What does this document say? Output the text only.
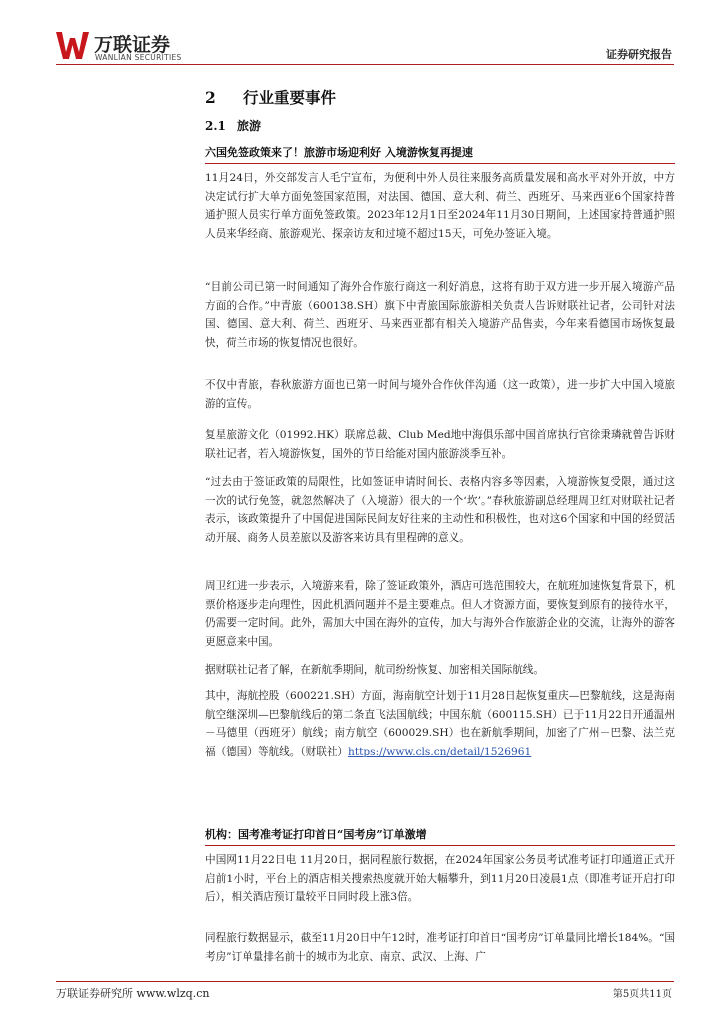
万联证券
WANLIAN SECURITIES	证券研究报告
2 行业重要事件
2.1 旅游
六国免签政策来了！旅游市场迎利好 入境游恢复再提速

11月24日，外交部发言人毛宁宣布，为便利中外人员往来服务高质量发展和高水平对外开放，中方决定试行扩大单方面免签国家范围，对法国、德国、意大利、荷兰、西班牙、马来西亚6个国家持普通护照人员实行单方面免签政策。2023年12月1日至2024年11月30日期间，上述国家持普通护照人员来华经商、旅游观光、探亲访友和过境不超过15天，可免办签证入境。

“目前公司已第一时间通知了海外合作旅行商这一利好消息，这将有助于双方进一步开展入境游产品方面的合作。”中青旅（600138.SH）旗下中青旅国际旅游相关负责人告诉财联社记者，公司针对法国、德国、意大利、荷兰、西班牙、马来西亚都有相关入境游产品售卖，今年来看德国市场恢复最快，荷兰市场的恢复情况也很好。

不仅中青旅，春秋旅游方面也已第一时间与境外合作伙伴沟通（这一政策），进一步扩大中国入境旅游的宣传。

复星旅游文化（01992.HK）联席总裁、Club Med地中海俱乐部中国首席执行官徐秉璘就曾告诉财联社记者，若入境游恢复，国外的节日给能对国内旅游淡季互补。

“过去由于签证政策的局限性，比如签证申请时间长、表格内容多等因素，入境游恢复受限，通过这一次的试行免签，就忽然解决了（入境游）很大的一个‘坎’。”春秋旅游副总经理周卫红对财联社记者表示，该政策提升了中国促进国际民间友好往来的主动性和积极性，也对这6个国家和中国的经贸活动开展、商务人员差旅以及游客来访具有里程碑的意义。

周卫红进一步表示，入境游来看，除了签证政策外，酒店可选范围较大，在航班加速恢复背景下，机票价格逐步走向理性，因此机酒问题并不是主要难点。但人才资源方面，要恢复到原有的接待水平，仍需要一定时间。此外，需加大中国在海外的宣传，加大与海外合作旅游企业的交流，让海外的游客更愿意来中国。

据财联社记者了解，在新航季期间，航司纷纷恢复、加密相关国际航线。

其中，海航控股（600221.SH）方面，海南航空计划于11月28日起恢复重庆—巴黎航线，这是海南航空继深圳—巴黎航线后的第二条直飞法国航线；中国东航（600115.SH）已于11月22日开通温州－马德里（西班牙）航线；南方航空（600029.SH）也在新航季期间，加密了广州－巴黎、法兰克福（德国）等航线。（财联社）https://www.cls.cn/detail/1526961

机构：国考准考证打印首日“国考房”订单激增

中国网11月22日电 11月20日，据同程旅行数据，在2024年国家公务员考试准考证打印通道正式开启前1小时，平台上的酒店相关搜索热度就开始大幅攀升，到11月20日凌晨1点（即准考证开启打印后），相关酒店预订量较平日同时段上涨3倍。

同程旅行数据显示，截至11月20日中午12时，准考证打印首日“国考房”订单量同比增长184%。“国考房”订单量排名前十的城市为北京、南京、武汉、上海、广

万联证券研究所 www.wlzq.cn	第5页共11页
